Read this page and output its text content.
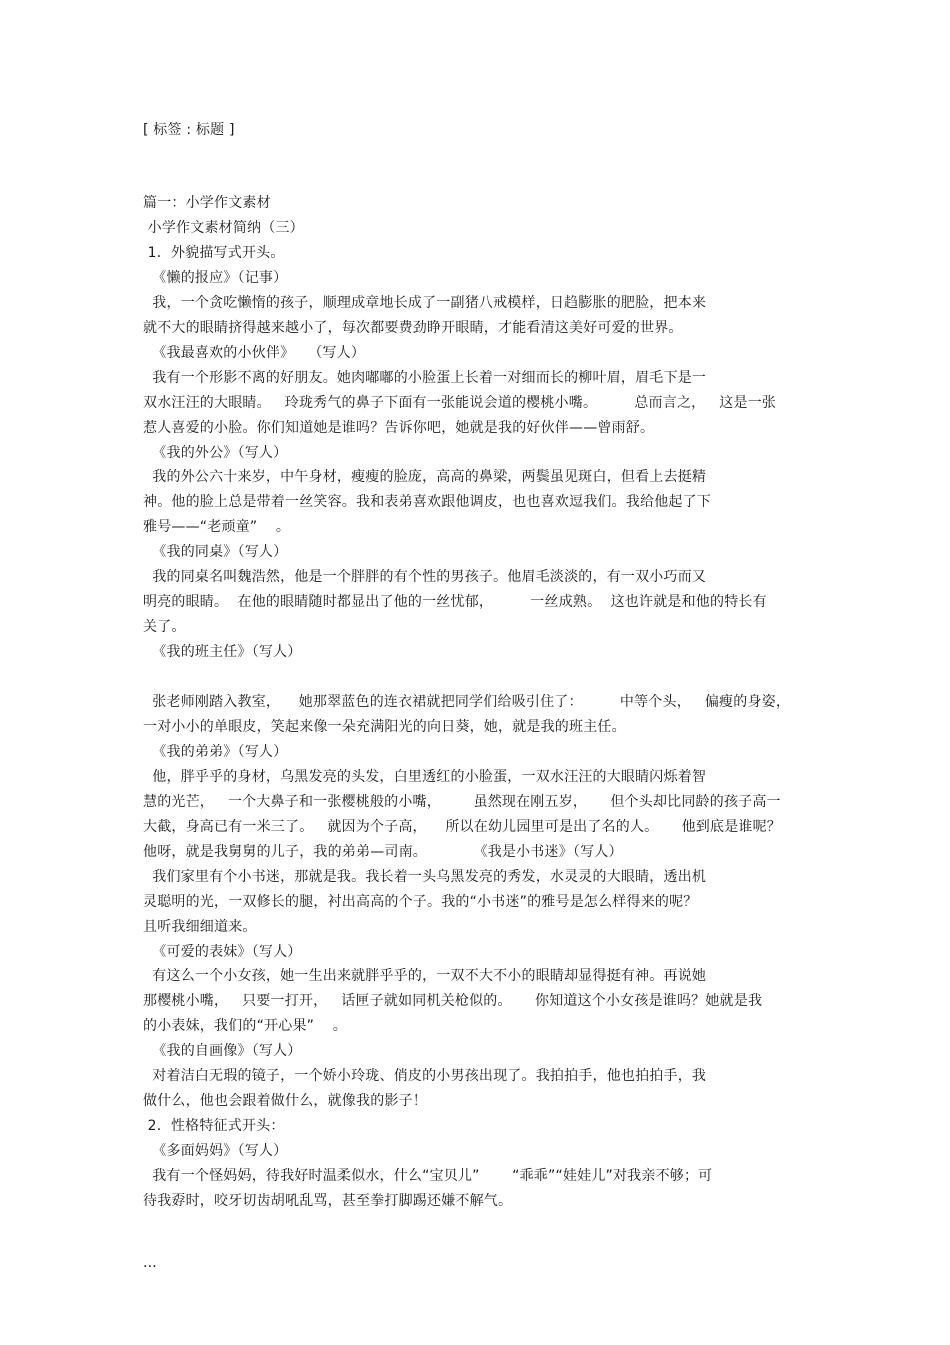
[ 标签 : 标题 ]

篇一：小学作文素材

小学作文素材简纳（三）

1．外貌描写式开头。

《懒的报应》（记事）

我，一个贪吃懒惰的孩子，顺理成章地长成了一副猪八戒模样，日趋膨胀的肥脸，把本来

就不大的眼睛挤得越来越小了，每次都要费劲睁开眼睛，才能看清这美好可爱的世界。

《我最喜欢的小伙伴》   （写人）

我有一个形影不离的好朋友。她肉嘟嘟的小脸蛋上长着一对细而长的柳叶眉，眉毛下是一

双水汪汪的大眼睛。   玲珑秀气的鼻子下面有一张能说会道的樱桃小嘴。        总而言之，   这是一张

惹人喜爱的小脸。你们知道她是谁吗？告诉你吧，她就是我的好伙伴——曾雨舒。

《我的外公》（写人）

我的外公六十来岁，中午身材，瘦瘦的脸庞，高高的鼻梁，两鬓虽见斑白，但看上去挺精

神。他的脸上总是带着一丝笑容。我和表弟喜欢跟他调皮，也也喜欢逗我们。我给他起了下

雅号——“老顽童”    。

《我的同桌》（写人）

我的同桌名叫魏浩然，他是一个胖胖的有个性的男孩子。他眉毛淡淡的，有一双小巧而又

明亮的眼睛。  在他的眼睛随时都显出了他的一丝忧郁，        一丝成熟。  这也许就是和他的特长有

关了。

《我的班主任》（写人）

张老师刚踏入教室，    她那翠蓝色的连衣裙就把同学们给吸引住了：        中等个头，   偏瘦的身姿，

一对小小的单眼皮，笑起来像一朵充满阳光的向日葵，她，就是我的班主任。

《我的弟弟》（写人）

他，胖乎乎的身材，乌黑发亮的头发，白里透红的小脸蛋，一双水汪汪的大眼睛闪烁着智

慧的光芒，   一个大鼻子和一张樱桃般的小嘴，       虽然现在刚五岁，     但个头却比同龄的孩子高一

大截，身高已有一米三了。   就因为个子高，    所以在幼儿园里可是出了名的人。     他到底是谁呢？

他呀，就是我舅舅的儿子，我的弟弟—司南。          《我是小书迷》（写人）

我们家里有个小书迷，那就是我。我长着一头乌黑发亮的秀发，水灵灵的大眼睛，透出机

灵聪明的光，一双修长的腿，衬出高高的个子。我的“小书迷”的雅号是怎么样得来的呢？

且听我细细道来。

《可爱的表妹》（写人）

有这么一个小女孩，她一生出来就胖乎乎的，一双不大不小的眼睛却显得挺有神。再说她

那樱桃小嘴，   只要一打开，   话匣子就如同机关枪似的。     你知道这个小女孩是谁吗？她就是我

的小表妹，我们的“开心果”    。

《我的自画像》（写人）

对着洁白无瑕的镜子，一个娇小玲珑、俏皮的小男孩出现了。我拍拍手，他也拍拍手，我

做什么，他也会跟着做什么，就像我的影子！

2．性格特征式开头：

《多面妈妈》（写人）

我有一个怪妈妈，待我好时温柔似水，什么“宝贝儿”       “乖乖”“娃娃儿”对我亲不够；可

待我孬时，咬牙切齿胡吼乱骂，甚至拳打脚踢还嫌不解气。

...
